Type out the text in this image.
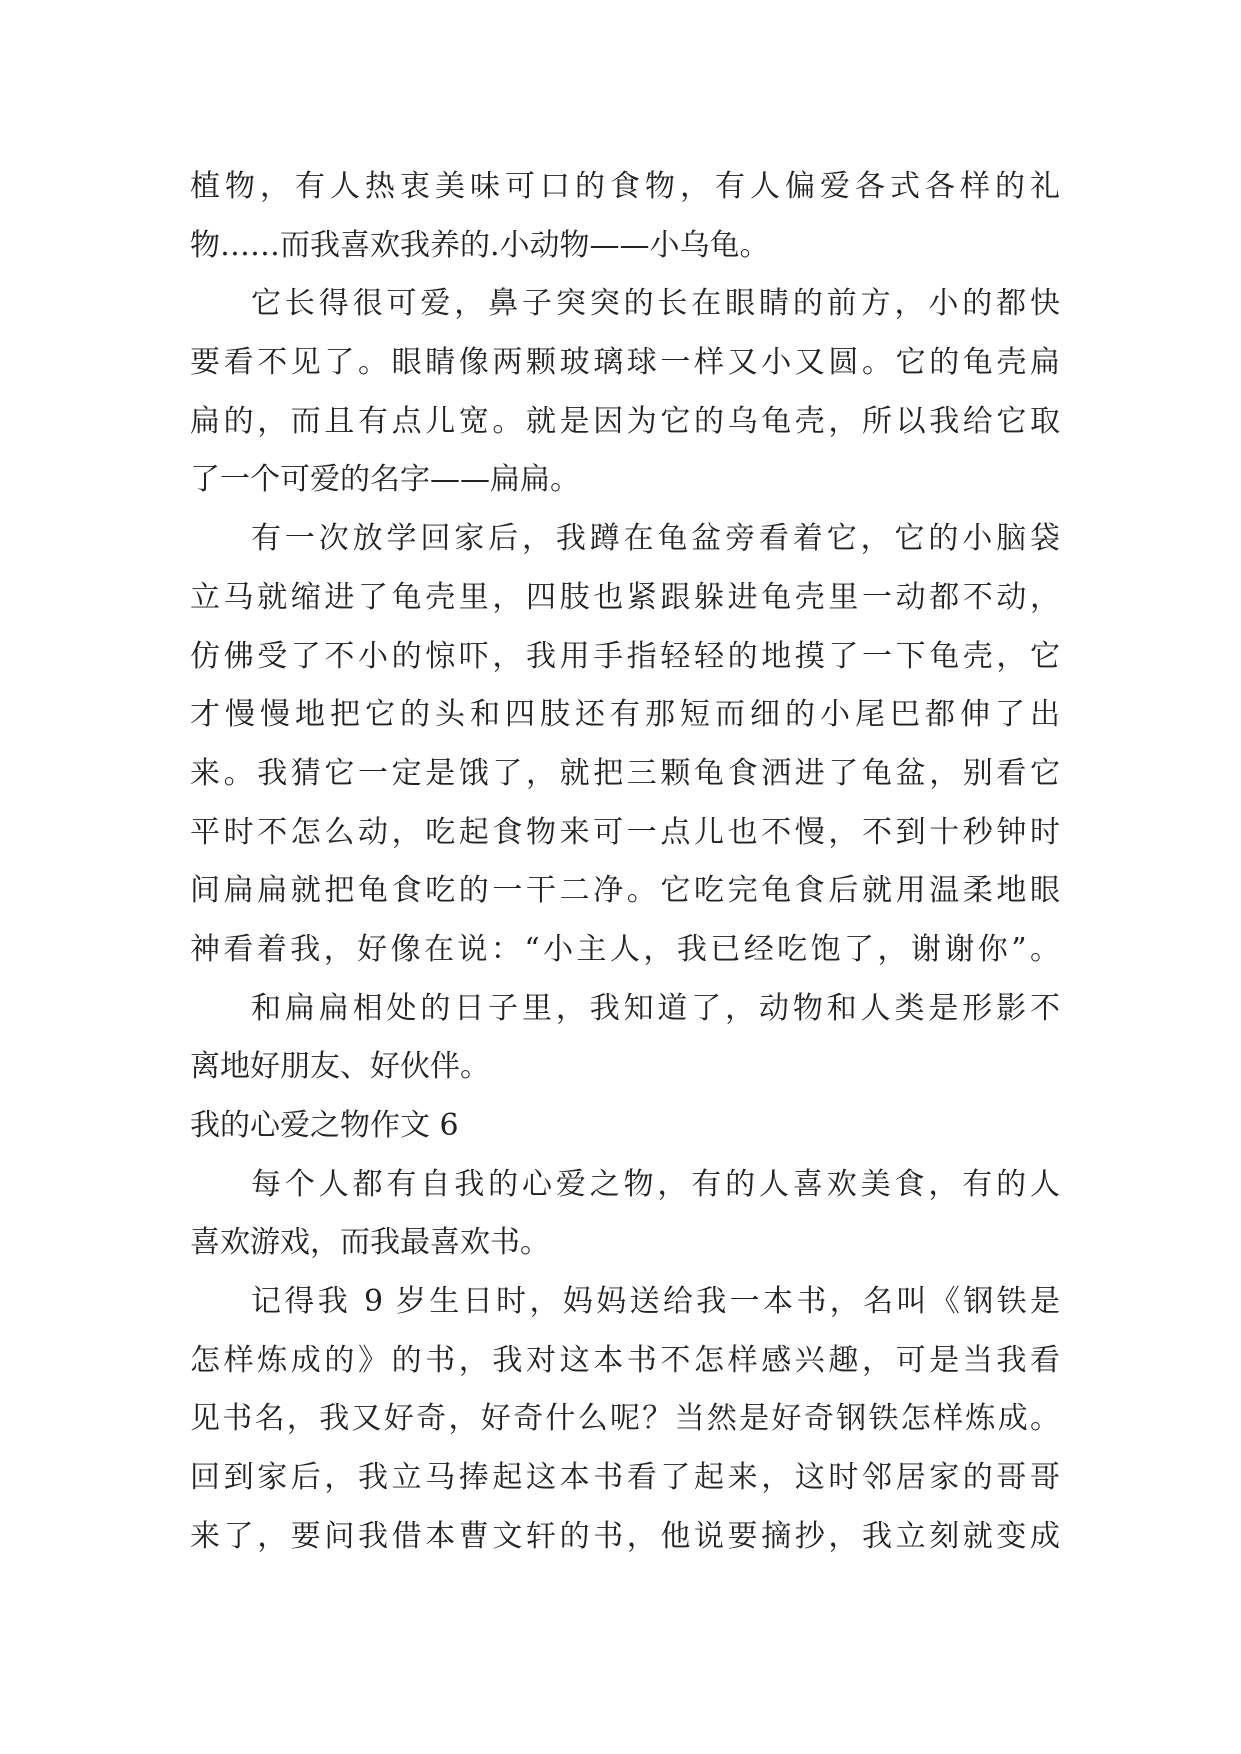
植物，有人热衷美味可口的食物，有人偏爱各式各样的礼
物……而我喜欢我养的.小动物——小乌龟。
它长得很可爱，鼻子突突的长在眼睛的前方，小的都快
要看不见了。眼睛像两颗玻璃球一样又小又圆。它的龟壳扁
扁的，而且有点儿宽。就是因为它的乌龟壳，所以我给它取
了一个可爱的名字——扁扁。
有一次放学回家后，我蹲在龟盆旁看着它，它的小脑袋
立马就缩进了龟壳里，四肢也紧跟躲进龟壳里一动都不动，
仿佛受了不小的惊吓，我用手指轻轻的地摸了一下龟壳，它
才慢慢地把它的头和四肢还有那短而细的小尾巴都伸了出
来。我猜它一定是饿了，就把三颗龟食洒进了龟盆，别看它
平时不怎么动，吃起食物来可一点儿也不慢，不到十秒钟时
间扁扁就把龟食吃的一干二净。它吃完龟食后就用温柔地眼
神看着我，好像在说：“小主人，我已经吃饱了，谢谢你”。
和扁扁相处的日子里，我知道了，动物和人类是形影不
离地好朋友、好伙伴。
我的心爱之物作文 6
每个人都有自我的心爱之物，有的人喜欢美食，有的人
喜欢游戏，而我最喜欢书。
记得我 9 岁生日时，妈妈送给我一本书，名叫《钢铁是
怎样炼成的》的书，我对这本书不怎样感兴趣，可是当我看
见书名，我又好奇，好奇什么呢？当然是好奇钢铁怎样炼成。
回到家后，我立马捧起这本书看了起来，这时邻居家的哥哥
来了，要问我借本曹文轩的书，他说要摘抄，我立刻就变成
